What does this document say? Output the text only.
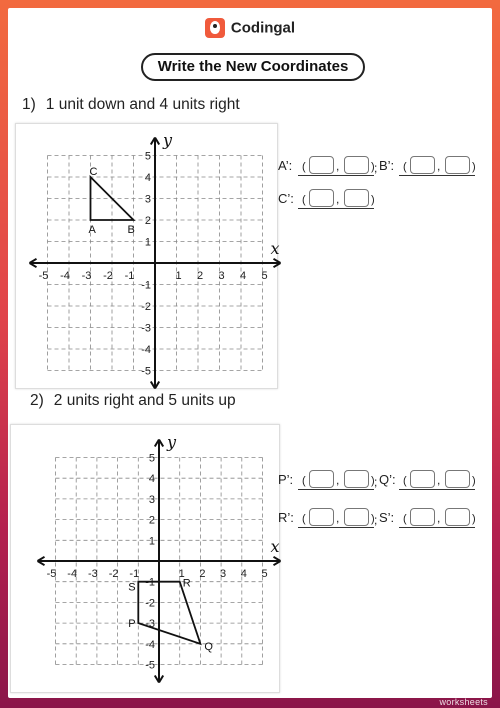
Codingal
Write the New Coordinates
1) 1 unit down and 4 units right
x
y
-5 -4 -3 -2 -1	1 2 3 4 5
5
4
3
2
1
-1
-2
-3
-4
-5
A	B
C	A’: (	,	) ; B’: (	,	)
C’: (	,	)
2) 2 units right and 5 units up
x
y
-5 -4 -3 -2 -1	1 2 3 4 5
5
4
3
2
1
-1
-2
-3
-4
-5
S	R
Q
P
P’: (	,	) ; Q’: (	,	)
R’: (	,	) ; S’: (	,	)
TOP
worksheets
